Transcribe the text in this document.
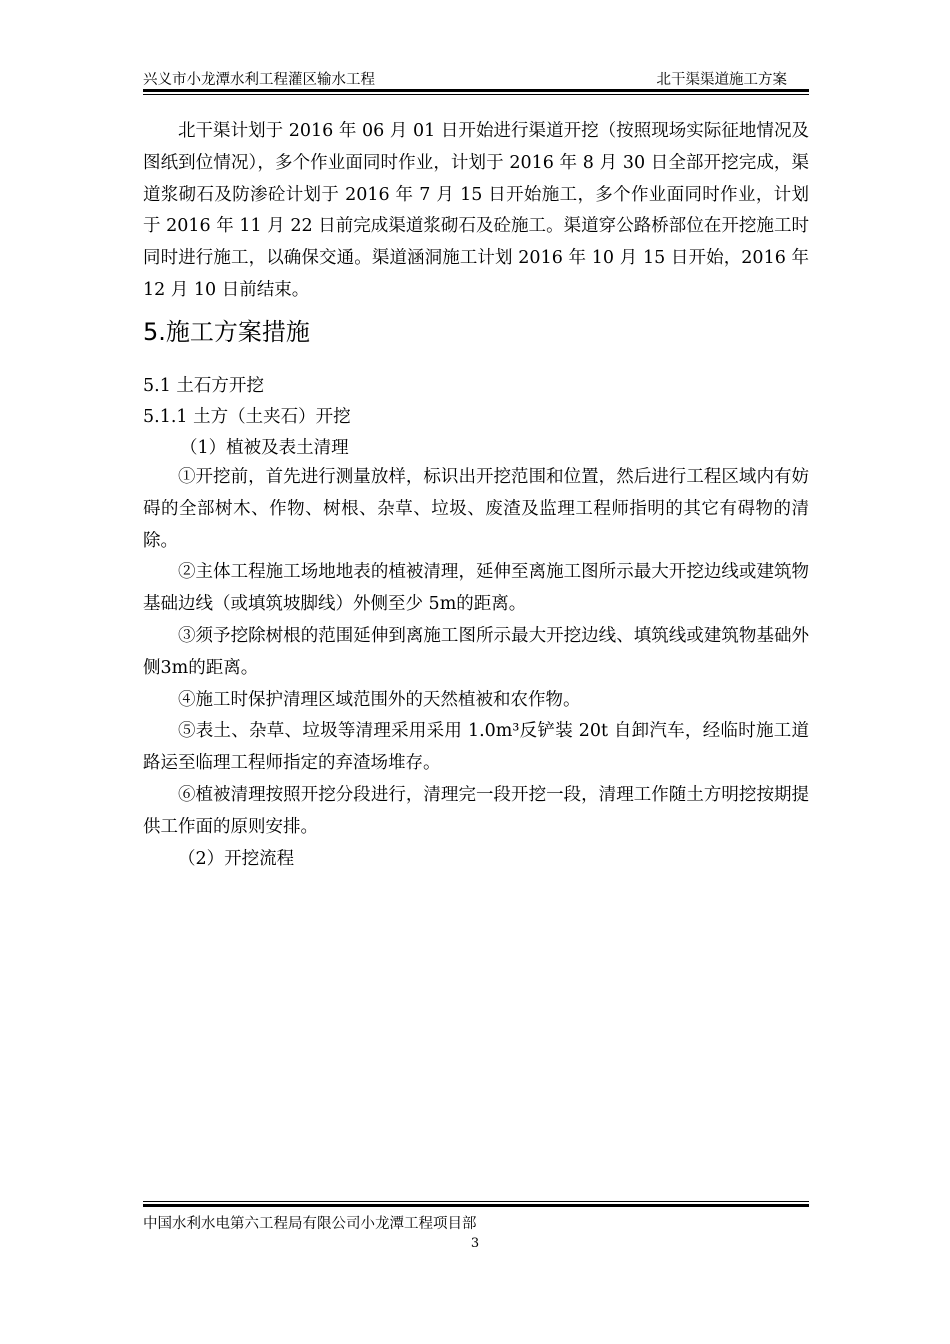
兴义市小龙潭水利工程灌区输水工程	北干渠渠道施工方案

北干渠计划于 2016 年 06 月 01 日开始进行渠道开挖（按照现场实际征地情况及图纸到位情况），多个作业面同时作业，计划于 2016 年 8 月 30 日全部开挖完成，渠道浆砌石及防渗砼计划于 2016 年 7 月 15 日开始施工，多个作业面同时作业，计划于 2016 年 11 月 22 日前完成渠道浆砌石及砼施工。渠道穿公路桥部位在开挖施工时同时进行施工，以确保交通。渠道涵洞施工计划 2016 年 10 月 15 日开始，2016 年 12 月 10 日前结束。

5.施工方案措施
5.1 土石方开挖
5.1.1 土方（土夹石）开挖
（1）植被及表土清理

①开挖前，首先进行测量放样，标识出开挖范围和位置，然后进行工程区域内有妨碍的全部树木、作物、树根、杂草、垃圾、废渣及监理工程师指明的其它有碍物的清除。

②主体工程施工场地地表的植被清理，延伸至离施工图所示最大开挖边线或建筑物基础边线（或填筑坡脚线）外侧至少 5m的距离。

③须予挖除树根的范围延伸到离施工图所示最大开挖边线、填筑线或建筑物基础外侧3m的距离。

④施工时保护清理区域范围外的天然植被和农作物。

⑤表土、杂草、垃圾等清理采用采用 1.0m³反铲装 20t 自卸汽车，经临时施工道路运至临理工程师指定的弃渣场堆存。

⑥植被清理按照开挖分段进行，清理完一段开挖一段，清理工作随土方明挖按期提供工作面的原则安排。

（2）开挖流程

中国水利水电第六工程局有限公司小龙潭工程项目部
3
